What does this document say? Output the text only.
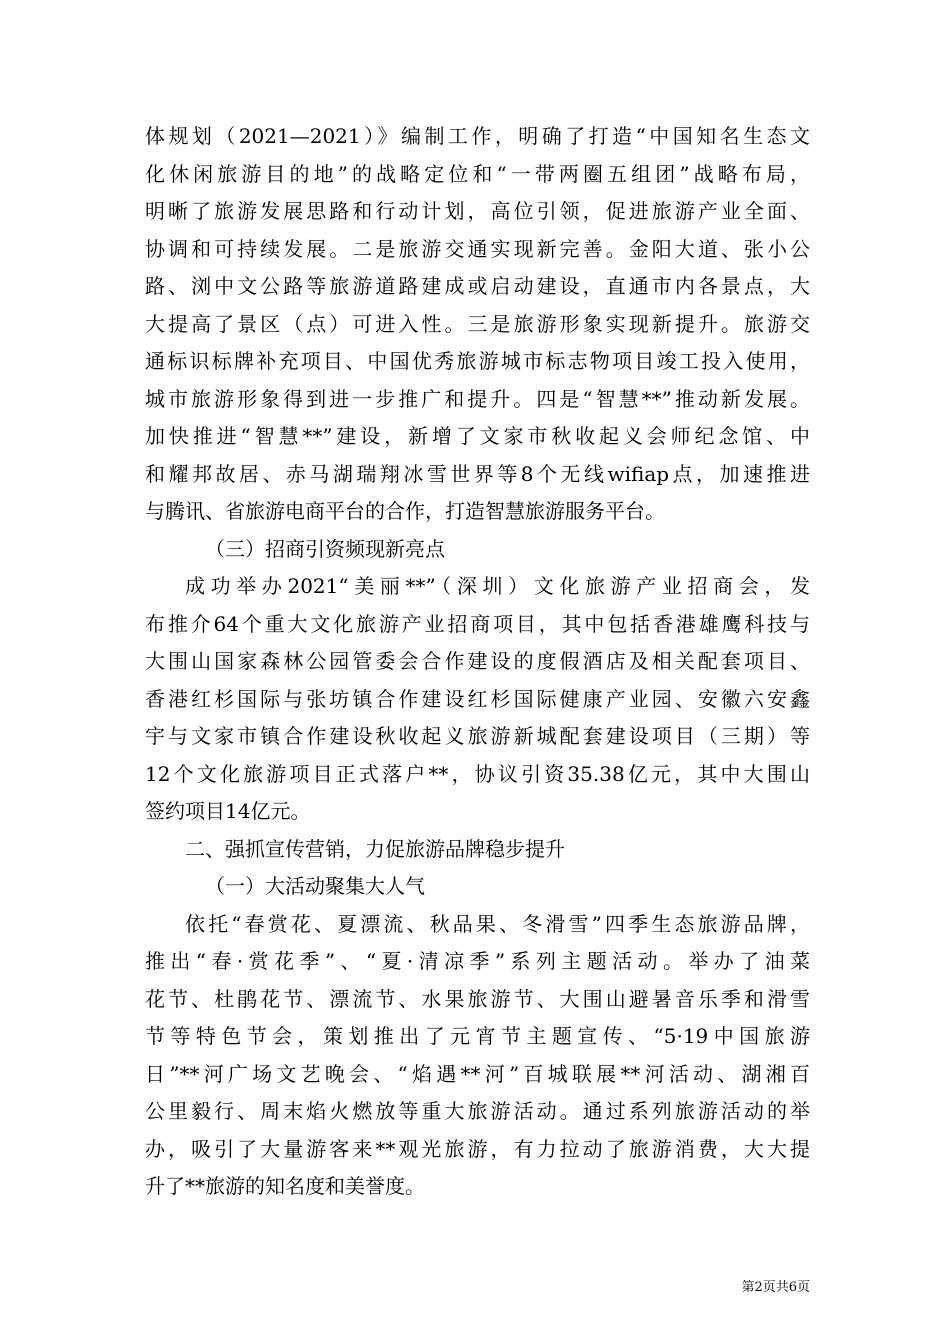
体规划（2021—2021）》编制工作，明确了打造“中国知名生态文
化休闲旅游目的地”的战略定位和“一带两圈五组团”战略布局，
明晰了旅游发展思路和行动计划，高位引领，促进旅游产业全面、
协调和可持续发展。二是旅游交通实现新完善。金阳大道、张小公
路、浏中文公路等旅游道路建成或启动建设，直通市内各景点，大
大提高了景区（点）可进入性。三是旅游形象实现新提升。旅游交
通标识标牌补充项目、中国优秀旅游城市标志物项目竣工投入使用，
城市旅游形象得到进一步推广和提升。四是“智慧**”推动新发展。
加快推进“智慧**”建设，新增了文家市秋收起义会师纪念馆、中
和耀邦故居、赤马湖瑞翔冰雪世界等8个无线wifiap点，加速推进
与腾讯、省旅游电商平台的合作，打造智慧旅游服务平台。
（三）招商引资频现新亮点
成功举办2021“美丽**”（深圳）文化旅游产业招商会，发
布推介64个重大文化旅游产业招商项目，其中包括香港雄鹰科技与
大围山国家森林公园管委会合作建设的度假酒店及相关配套项目、
香港红杉国际与张坊镇合作建设红杉国际健康产业园、安徽六安鑫
宇与文家市镇合作建设秋收起义旅游新城配套建设项目（三期）等
12个文化旅游项目正式落户**，协议引资35.38亿元，其中大围山
签约项目14亿元。
二、强抓宣传营销，力促旅游品牌稳步提升
（一）大活动聚集大人气
依托“春赏花、夏漂流、秋品果、冬滑雪”四季生态旅游品牌，
推出“春·赏花季”、“夏·清凉季”系列主题活动。举办了油菜
花节、杜鹃花节、漂流节、水果旅游节、大围山避暑音乐季和滑雪
节等特色节会，策划推出了元宵节主题宣传、“5·19中国旅游
日”**河广场文艺晚会、“焰遇**河”百城联展**河活动、湖湘百
公里毅行、周末焰火燃放等重大旅游活动。通过系列旅游活动的举
办，吸引了大量游客来**观光旅游，有力拉动了旅游消费，大大提
升了**旅游的知名度和美誉度。
第2页共6页
